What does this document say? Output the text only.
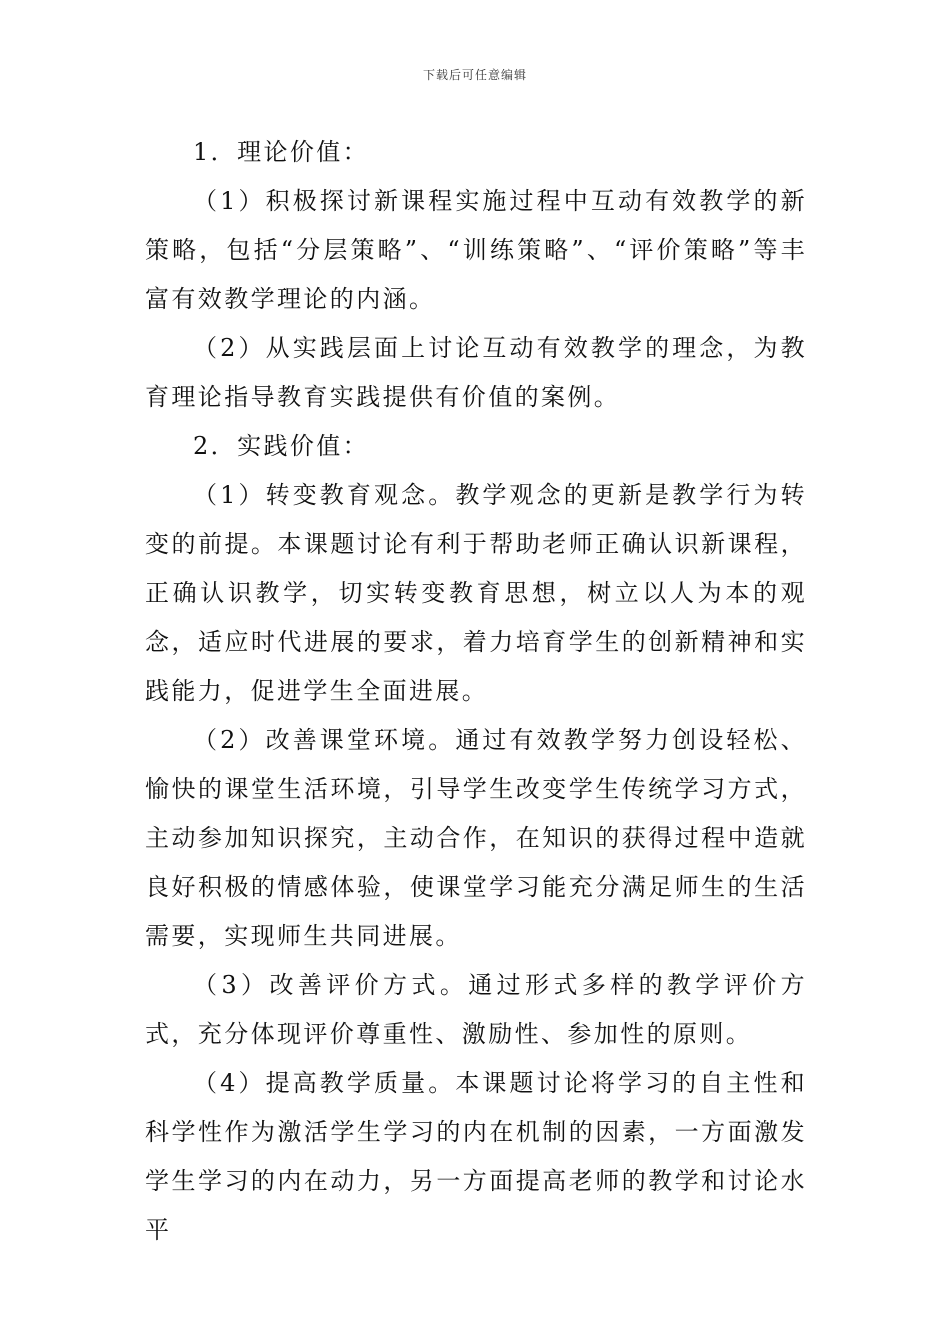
下载后可任意编辑

1．理论价值：

（1）积极探讨新课程实施过程中互动有效教学的新策略，包括“分层策略”、“训练策略”、“评价策略”等丰富有效教学理论的内涵。

（2）从实践层面上讨论互动有效教学的理念，为教育理论指导教育实践提供有价值的案例。

2．实践价值：

（1）转变教育观念。教学观念的更新是教学行为转变的前提。本课题讨论有利于帮助老师正确认识新课程，正确认识教学，切实转变教育思想，树立以人为本的观念，适应时代进展的要求，着力培育学生的创新精神和实践能力，促进学生全面进展。

（2）改善课堂环境。通过有效教学努力创设轻松、愉快的课堂生活环境，引导学生改变学生传统学习方式，主动参加知识探究，主动合作，在知识的获得过程中造就良好积极的情感体验，使课堂学习能充分满足师生的生活需要，实现师生共同进展。

（3）改善评价方式。通过形式多样的教学评价方式，充分体现评价尊重性、激励性、参加性的原则。

（4）提高教学质量。本课题讨论将学习的自主性和科学性作为激活学生学习的内在机制的因素，一方面激发学生学习的内在动力，另一方面提高老师的教学和讨论水平
